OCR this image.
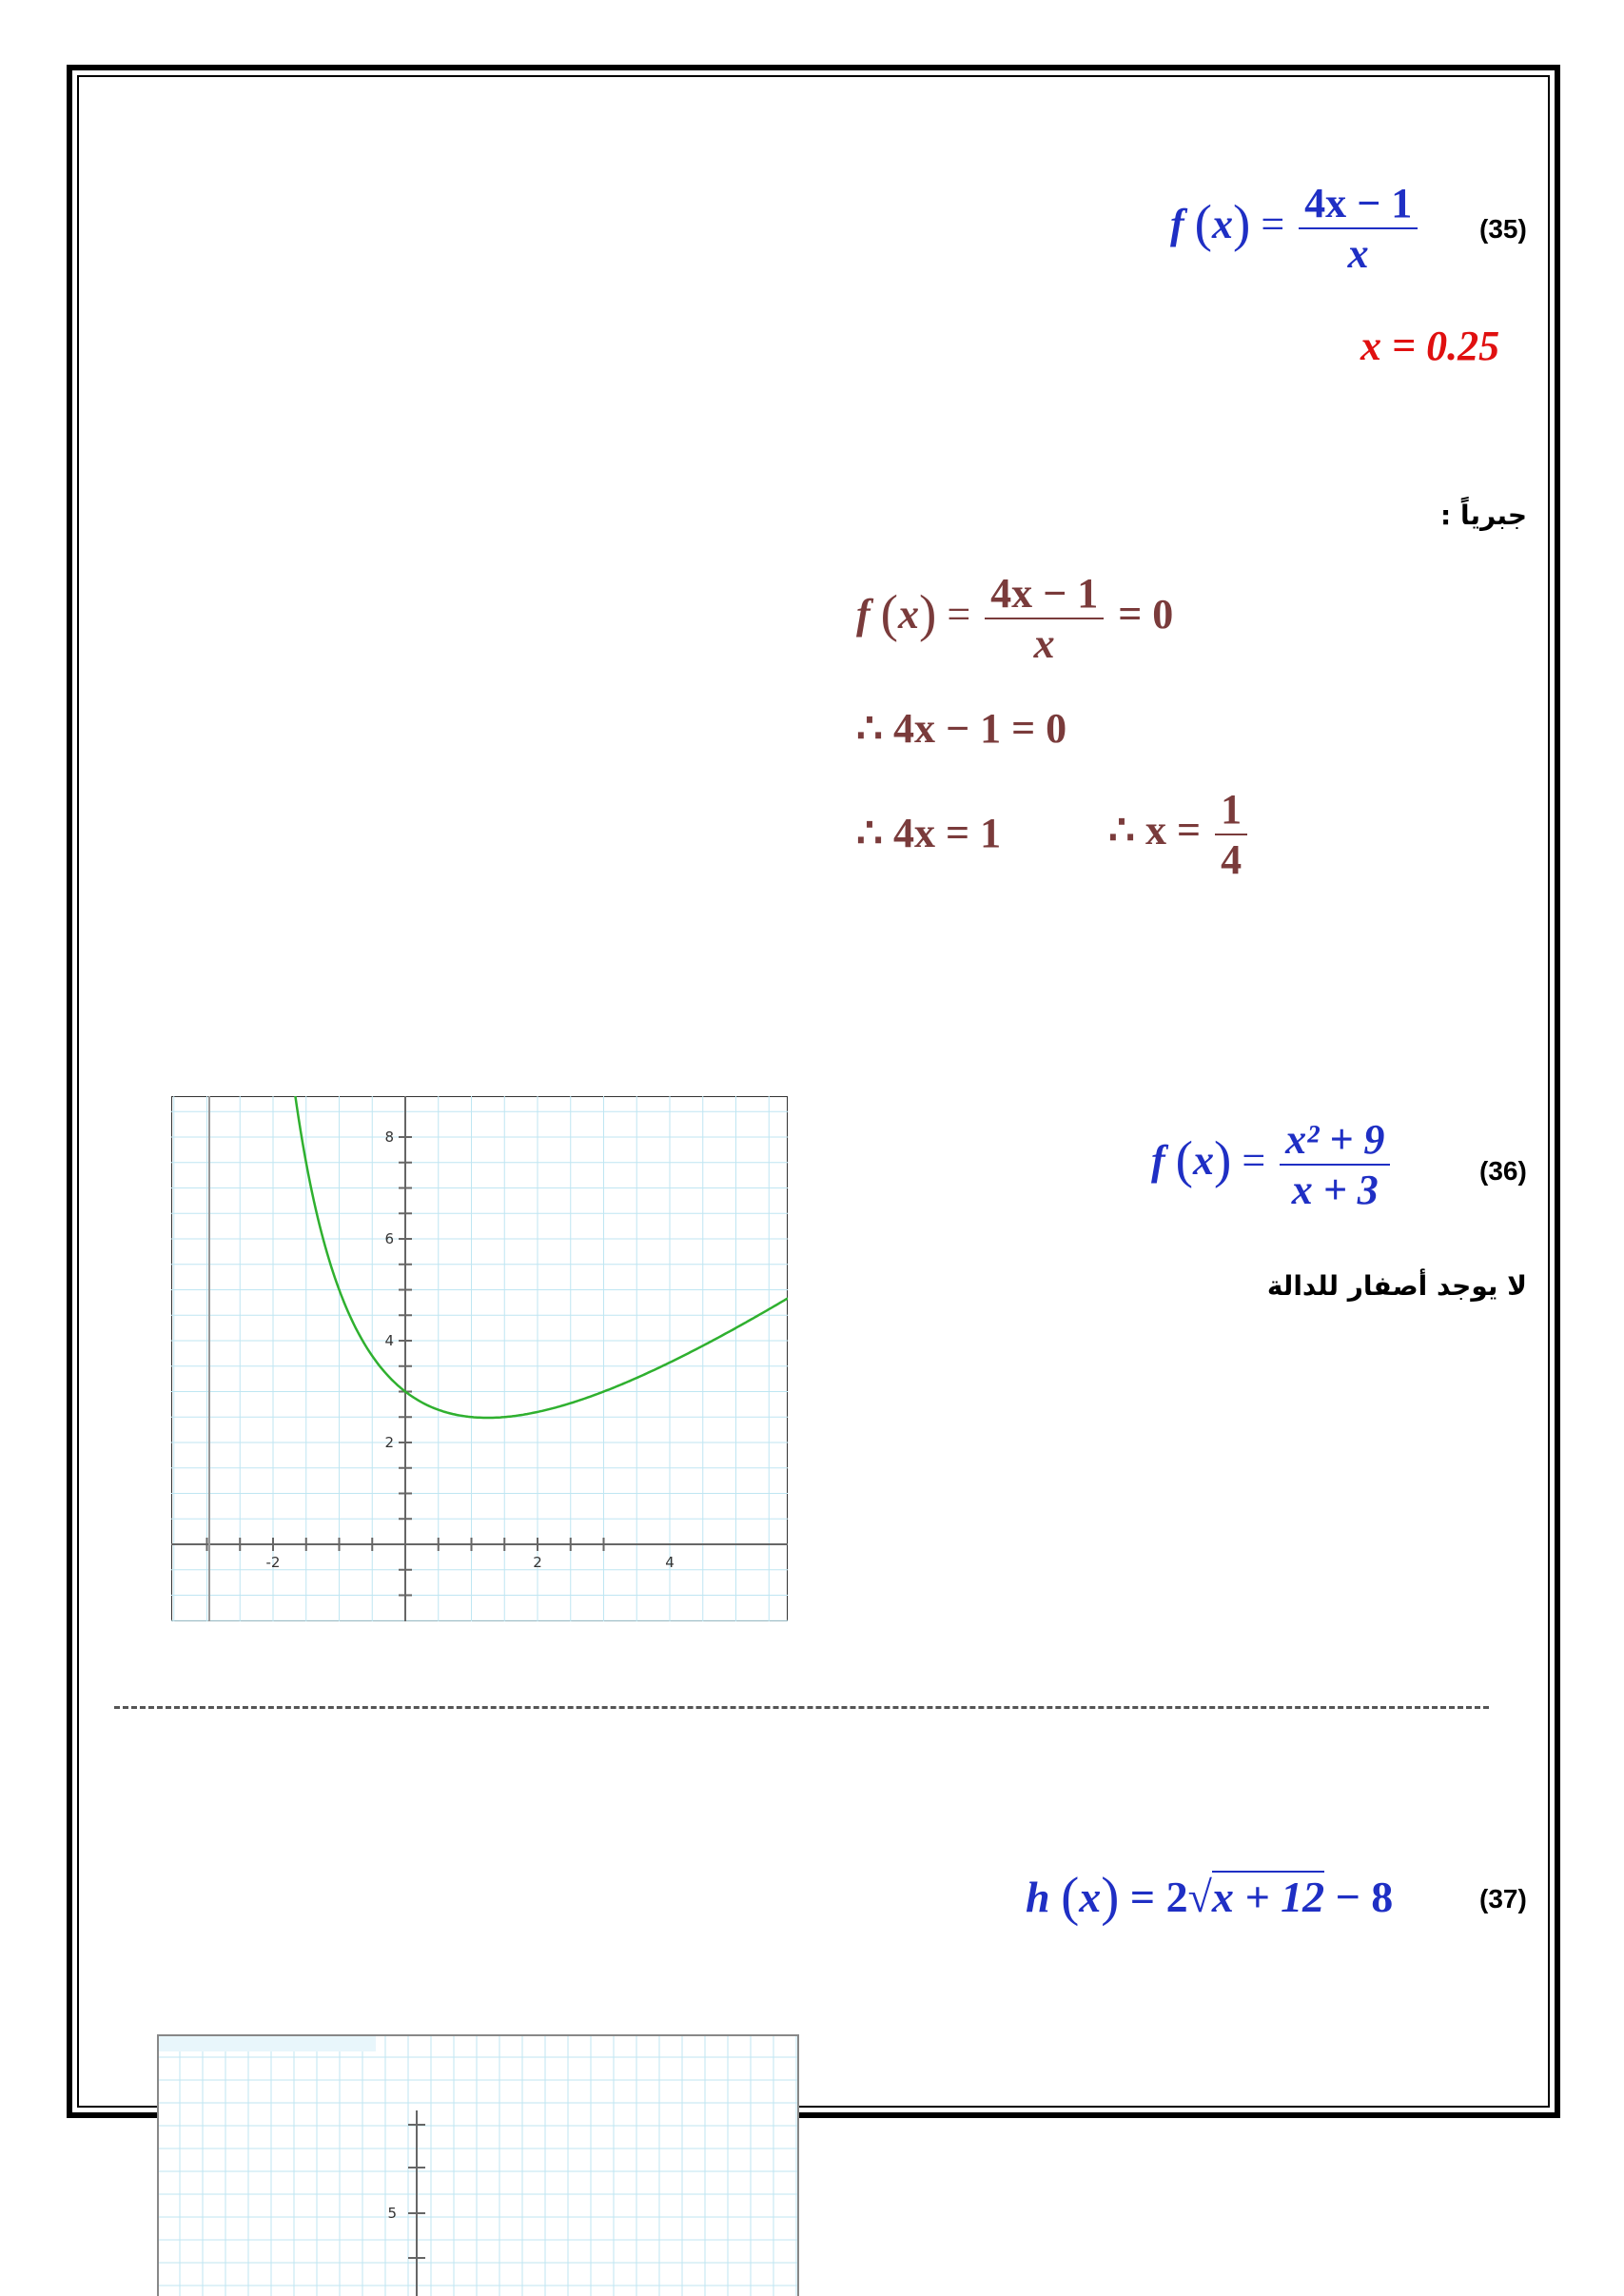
(35)
f $(x) = \frac{4x - 1}{x}$
x = 0.25
جبرياً :
f $(x) = \frac{4x - 1}{x} = 0$
∴ 4x − 1 = 0
∴ 4x = 1	∴ $x = \frac{1}{4}$
(36)
f $(x) = \frac{\text{x² + 9}}{x + 3}$
لا يوجد أصفار للدالة
-2	2	4
2
4
6
8
(37)
h (x) = 2√x + 12 − 8
5
